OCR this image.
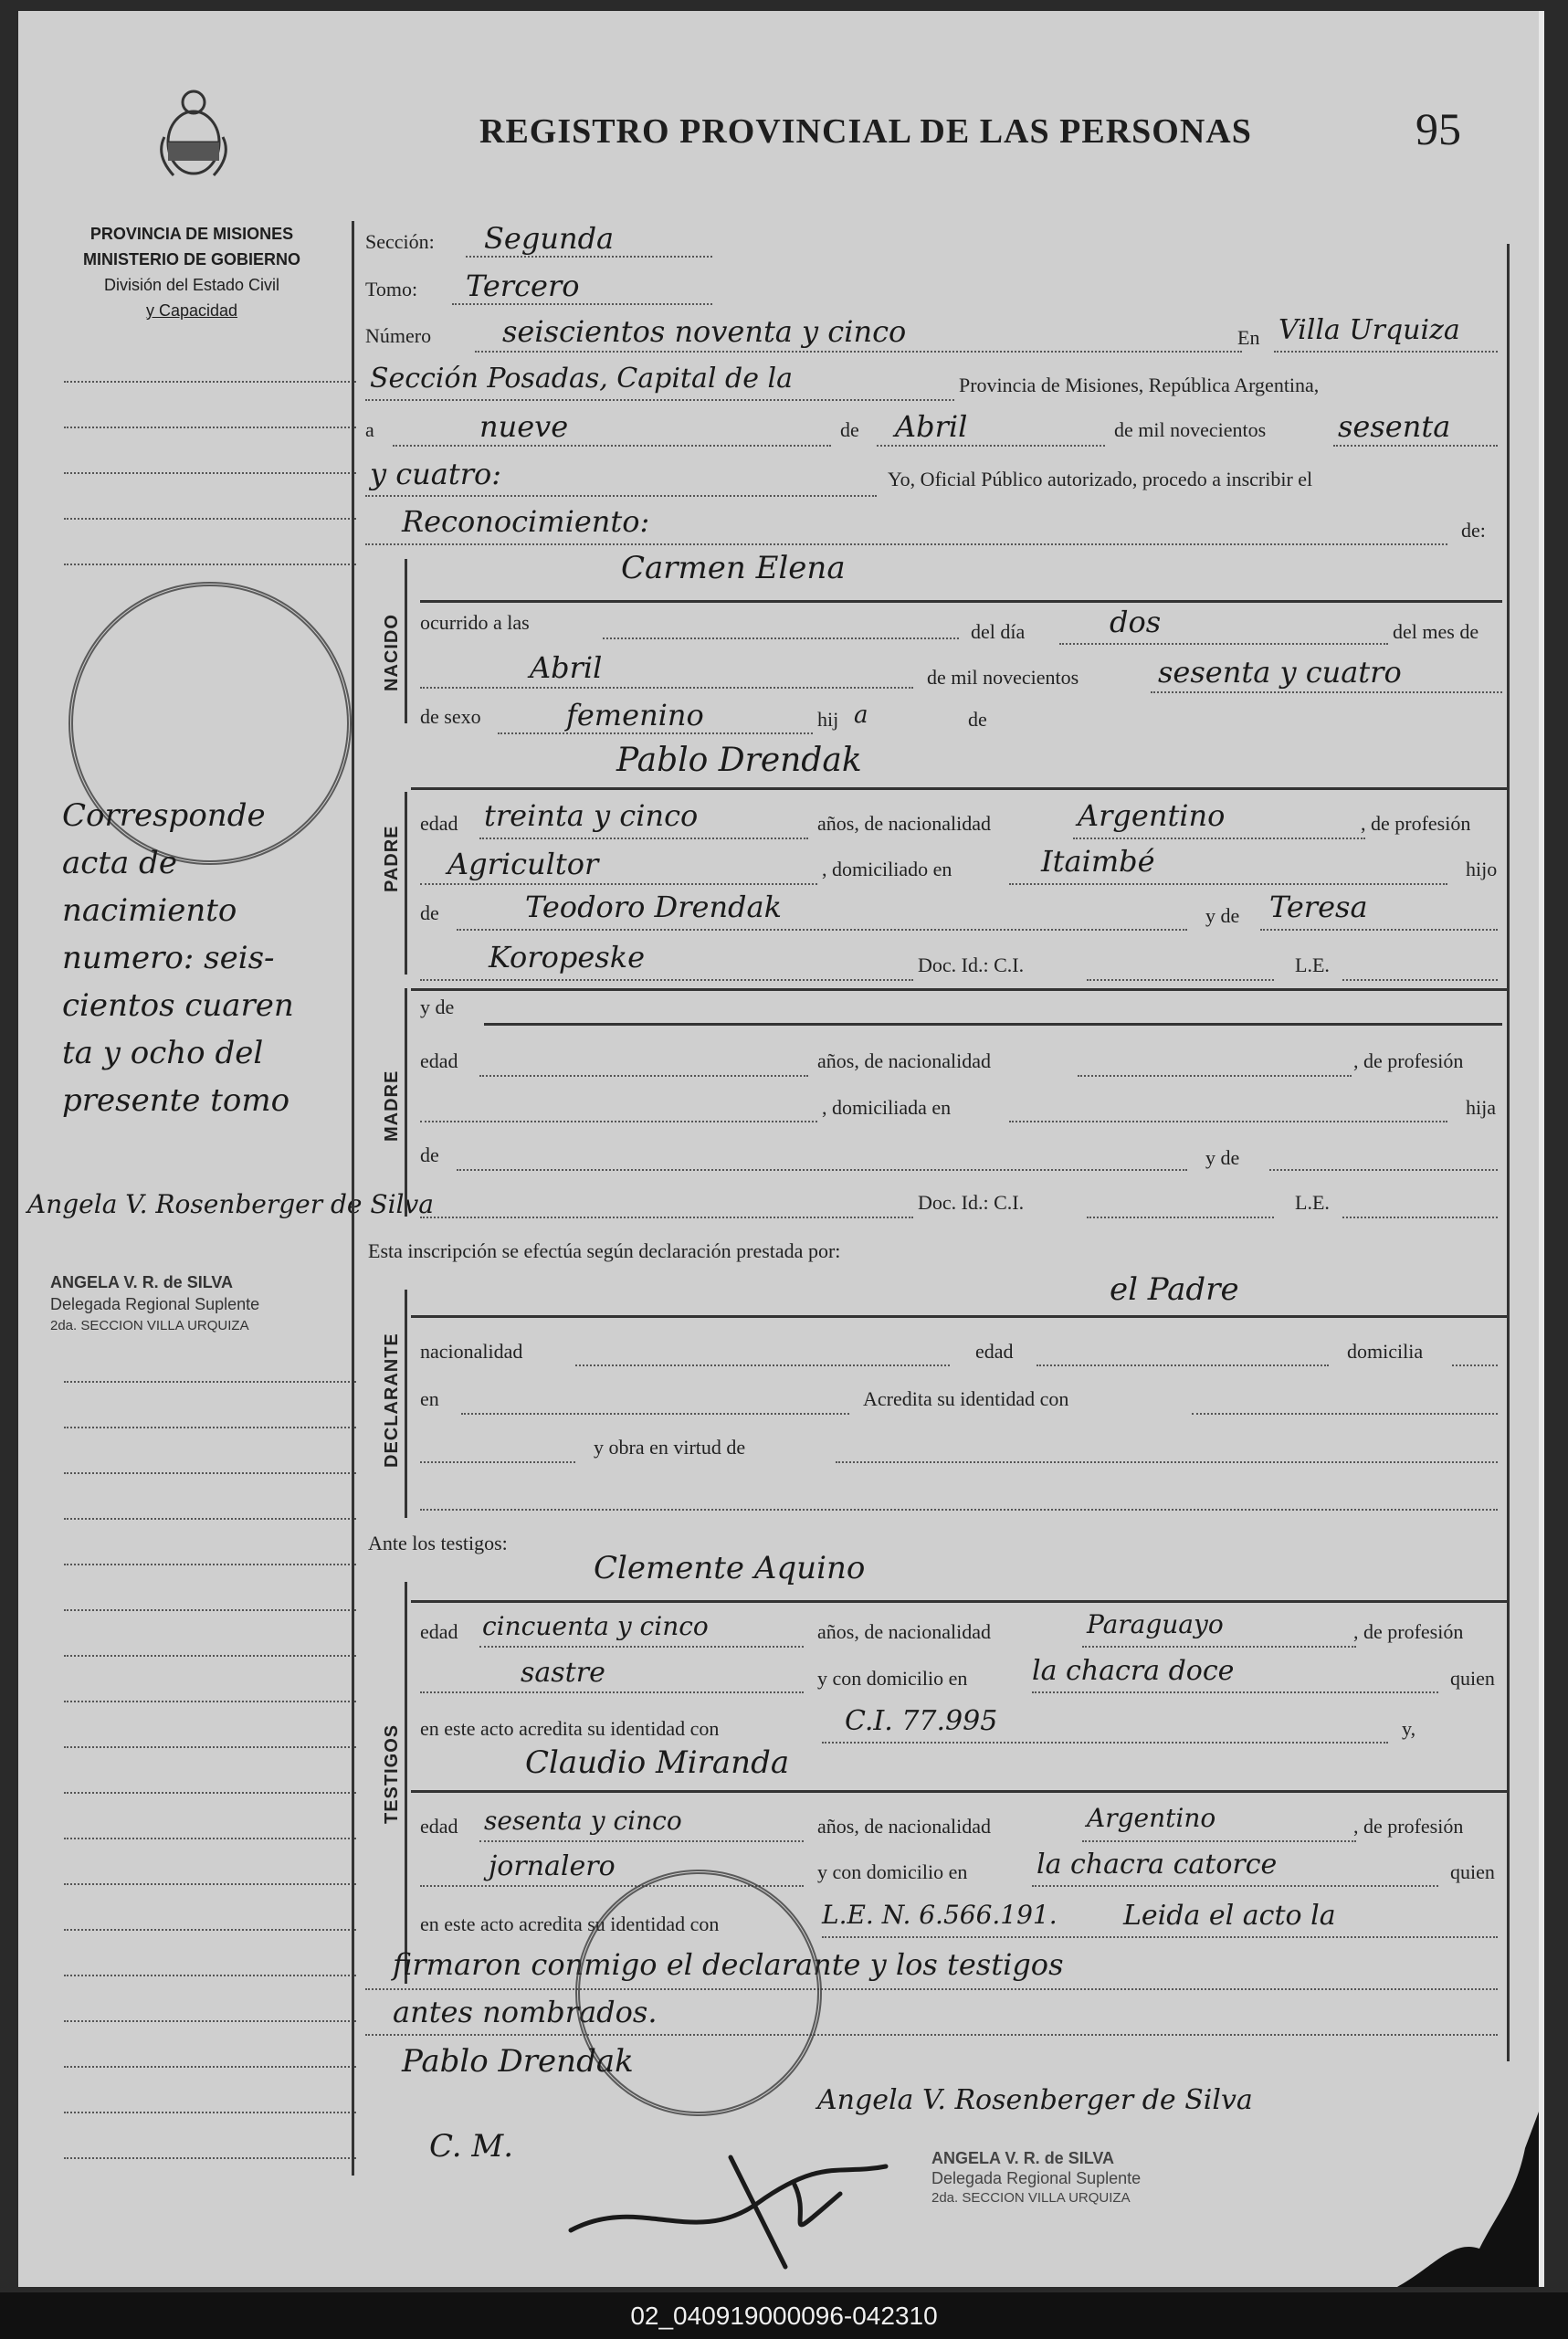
REGISTRO PROVINCIAL DE LAS PERSONAS	95
PROVINCIA DE MISIONES
MINISTERIO DE GOBIERNO
División del Estado Civil
y Capacidad
Corresponde
acta de
nacimiento
numero: seis-
cientos cuaren
ta y ocho del
presente tomo
Angela V. Rosenberger de Silva
ANGELA V. R. de SILVA
Delegada Regional Suplente
2da. SECCION VILLA URQUIZA
Sección: Segunda
Tomo: Tercero
Número seiscientos noventa y cinco	En Villa Urquiza
Sección Posadas, Capital de la	Provincia de Misiones, República Argentina,
a	nueve	de Abril	de mil novecientos sesenta
y cuatro:	Yo, Oficial Público autorizado, procedo a inscribir el
Reconocimiento:	de:
NACIDO
Carmen Elena
ocurrido a las	del día	dos	del mes de
Abril	de mil novecientos	sesenta y cuatro
de sexo	femenino	hij a	de
Pablo Drendak
PADRE
edad treinta y cinco	años, de nacionalidad	Argentino	, de profesión
Agricultor	, domiciliado en	Itaimbé	hijo
de	Teodoro Drendak	y de Teresa
Koropeske	Doc. Id.: C.I.	L.E.
MADRE
y de
edad	años, de nacionalidad	, de profesión
, domiciliada en	hija
de	y de
Doc. Id.: C.I.	L.E.
Esta inscripción se efectúa según declaración prestada por:
el Padre
DECLARANTE nacionalidad	edad	domicilia
en	Acredita su identidad con
y obra en virtud de
Ante los testigos:
Clemente Aquino
TESTIGOS
edad cincuenta y cinco	años, de nacionalidad	Paraguayo	, de profesión
sastre	y con domicilio en la chacra doce	quien
en este acto acredita su identidad con	C.I. 77.995	y,
Claudio Miranda
edad sesenta y cinco	años, de nacionalidad	Argentino	, de profesión
jornalero	y con domicilio en	la chacra catorce	quien
en este acto acredita su identidad con	L.E. N. 6.566.191. Leida el acto la
firmaron conmigo el declarante y los testigos
antes nombrados.
Pablo Drendak
C. M.
Angela V. Rosenberger de Silva
ANGELA V. R. de SILVA
Delegada Regional Suplente
2da. SECCION VILLA URQUIZA
02_040919000096-042310
